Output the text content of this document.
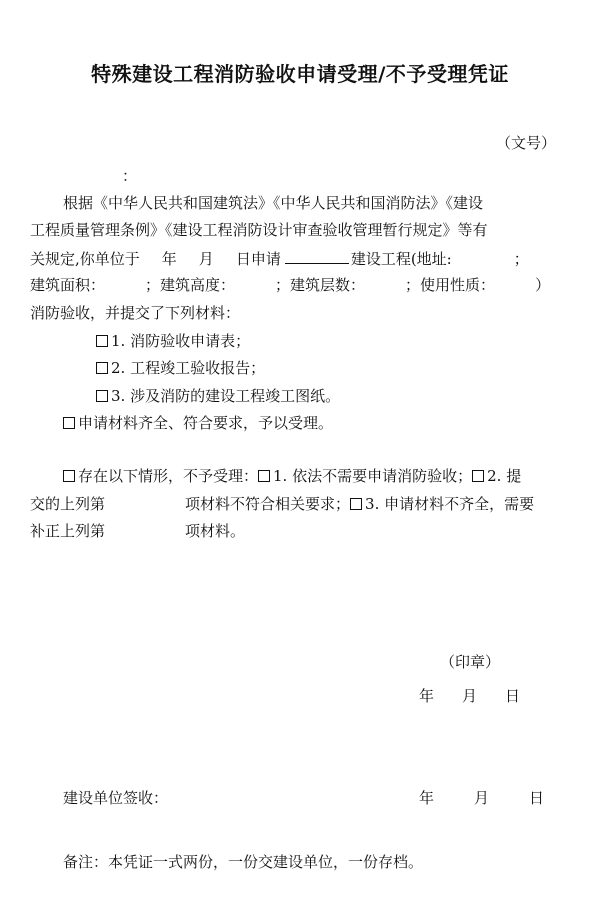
特殊建设工程消防验收申请受理/不予受理凭证
（文号）
：
根据《中华人民共和国建筑法》《中华人民共和国消防法》《建设
工程质量管理条例》《建设工程消防设计审查验收管理暂行规定》等有
关规定,你单位于 年 月 日申请	建设工程(地址:	；
建筑面积：	；建筑高度：	；建筑层数：	；使用性质：	）
消防验收，并提交了下列材料：
1. 消防验收申请表；
2. 工程竣工验收报告；
3. 涉及消防的建设工程竣工图纸。
申请材料齐全、符合要求，予以受理。
存在以下情形，不予受理： 1. 依法不需要申请消防验收； 2. 提
交的上列第	项材料不符合相关要求； 3. 申请材料不齐全，需要
补正上列第	项材料。
（印章）
年 月 日
建设单位签收：	年	月	日
备注：本凭证一式两份，一份交建设单位，一份存档。
